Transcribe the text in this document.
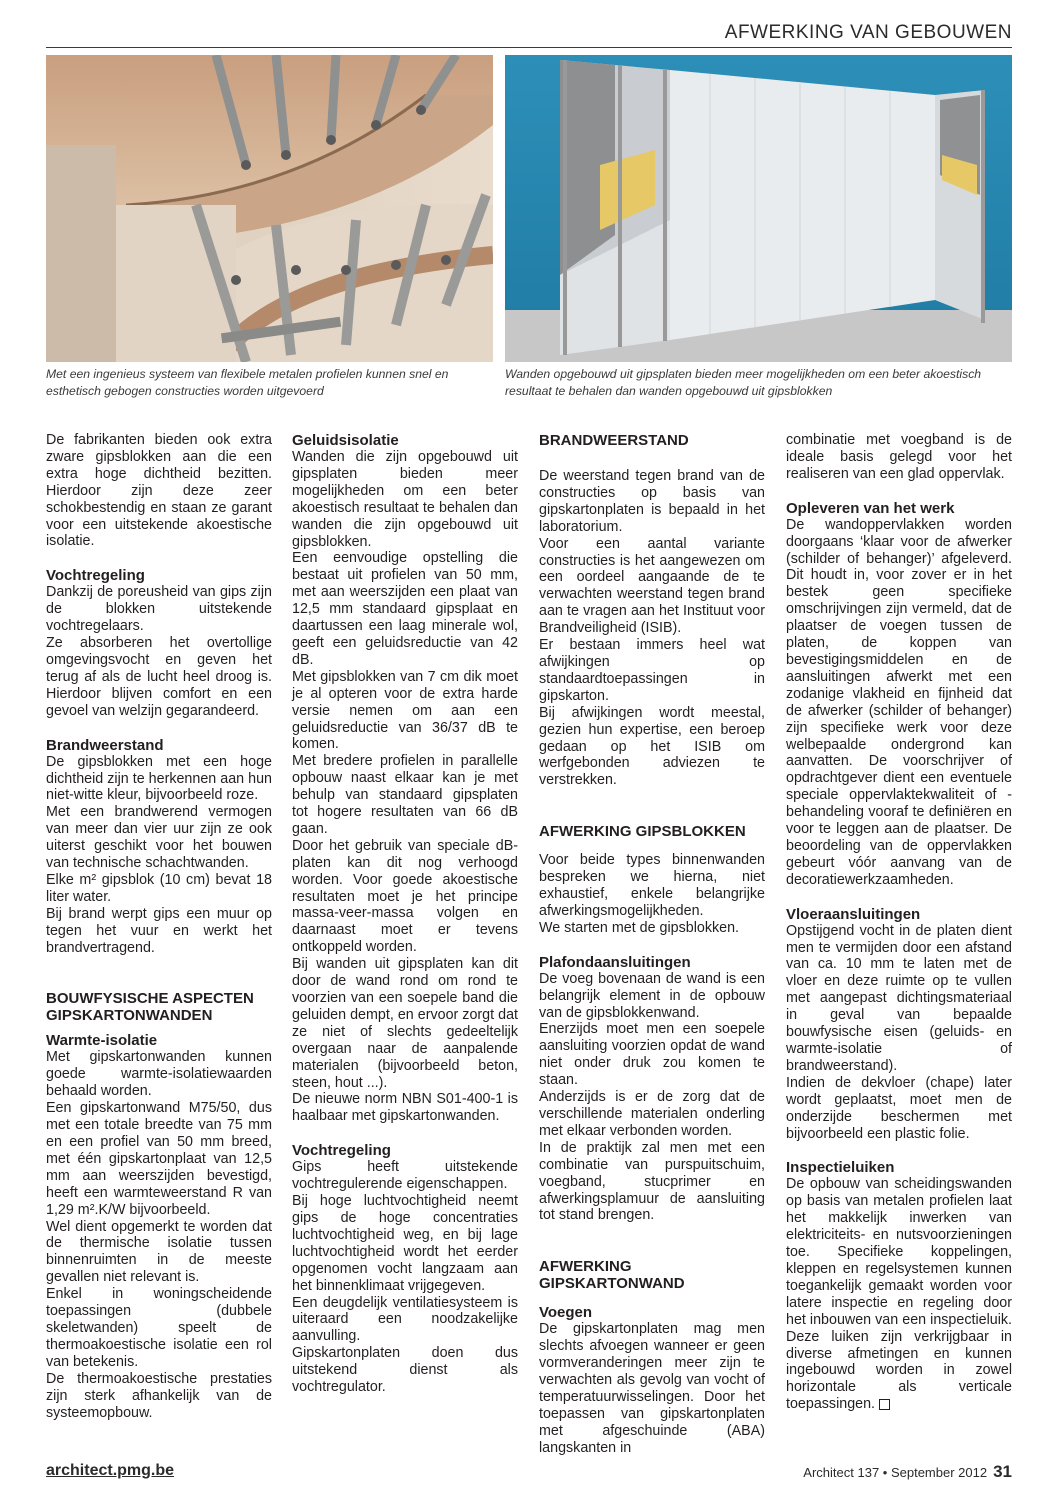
AFWERKING VAN GEBOUWEN
Met een ingenieus systeem van flexibele metalen profielen kunnen snel en esthetisch gebogen constructies worden uitgevoerd
Wanden opgebouwd uit gipsplaten bieden meer mogelijkheden om een beter akoestisch resultaat te behalen dan wanden opgebouwd uit gipsblokken

De fabrikanten bieden ook extra zware gipsblokken aan die een extra hoge dichtheid bezitten. Hierdoor zijn deze zeer schokbestendig en staan ze garant voor een uitstekende akoestische isolatie.

Vochtregeling

Dankzij de poreusheid van gips zijn de blokken uitstekende vochtregelaars.

Ze absorberen het overtollige omgevingsvocht en geven het terug af als de lucht heel droog is. Hierdoor blijven comfort en een gevoel van welzijn gegarandeerd.

Brandweerstand

De gipsblokken met een hoge dichtheid zijn te herkennen aan hun niet-witte kleur, bijvoorbeeld roze.

Met een brandwerend vermogen van meer dan vier uur zijn ze ook uiterst geschikt voor het bouwen van technische schachtwanden.

Elke m² gipsblok (10 cm) bevat 18 liter water.

Bij brand werpt gips een muur op tegen het vuur en werkt het brandvertragend.

BOUWFYSISCHE ASPECTEN GIPSKARTONWANDEN
Warmte-isolatie

Met gipskartonwanden kunnen goede warmte-isolatiewaarden behaald worden.

Een gipskartonwand M75/50, dus met een totale breedte van 75 mm en een profiel van 50 mm breed, met één gipskartonplaat van 12,5 mm aan weerszijden bevestigd, heeft een warmteweerstand R van 1,29 m².K/W bijvoorbeeld.

Wel dient opgemerkt te worden dat de thermische isolatie tussen binnenruimten in de meeste gevallen niet relevant is.

Enkel in woningscheidende toepassingen (dubbele skeletwanden) speelt de thermoakoestische isolatie een rol van betekenis.

De thermoakoestische prestaties zijn sterk afhankelijk van de systeemopbouw.

Geluidsisolatie

Wanden die zijn opgebouwd uit gipsplaten bieden meer mogelijkheden om een beter akoestisch resultaat te behalen dan wanden die zijn opgebouwd uit gipsblokken.

Een eenvoudige opstelling die bestaat uit profielen van 50 mm, met aan weerszijden een plaat van 12,5 mm standaard gipsplaat en daartussen een laag minerale wol, geeft een geluidsreductie van 42 dB.

Met gipsblokken van 7 cm dik moet je al opteren voor de extra harde versie nemen om aan een geluidsreductie van 36/37 dB te komen.

Met bredere profielen in parallelle opbouw naast elkaar kan je met behulp van standaard gipsplaten tot hogere resultaten van 66 dB gaan.

Door het gebruik van speciale dB-platen kan dit nog verhoogd worden. Voor goede akoestische resultaten moet je het principe massa-veer-massa volgen en daarnaast moet er tevens ontkoppeld worden.

Bij wanden uit gipsplaten kan dit door de wand rond om rond te voorzien van een soepele band die geluiden dempt, en ervoor zorgt dat ze niet of slechts gedeeltelijk overgaan naar de aanpalende materialen (bijvoorbeeld beton, steen, hout ...).

De nieuwe norm NBN S01-400-1 is haalbaar met gipskartonwanden.

Vochtregeling

Gips heeft uitstekende vochtregulerende eigenschappen.

Bij hoge luchtvochtigheid neemt gips de hoge concentraties luchtvochtigheid weg, en bij lage luchtvochtigheid wordt het eerder opgenomen vocht langzaam aan het binnenklimaat vrijgegeven.

Een deugdelijk ventilatiesysteem is uiteraard een noodzakelijke aanvulling.

Gipskartonplaten doen dus uitstekend dienst als vochtregulator.

BRANDWEERSTAND

De weerstand tegen brand van de constructies op basis van gipskartonplaten is bepaald in het laboratorium.

Voor een aantal variante constructies is het aangewezen om een oordeel aangaande de te verwachten weerstand tegen brand aan te vragen aan het Instituut voor Brandveiligheid (ISIB).

Er bestaan immers heel wat afwijkingen op standaardtoepassingen in gipskarton.

Bij afwijkingen wordt meestal, gezien hun expertise, een beroep gedaan op het ISIB om werfgebonden adviezen te verstrekken.

AFWERKING GIPSBLOKKEN

Voor beide types binnenwanden bespreken we hierna, niet exhaustief, enkele belangrijke afwerkingsmogelijkheden.

We starten met de gipsblokken.

Plafondaansluitingen

De voeg bovenaan de wand is een belangrijk element in de opbouw van de gipsblokkenwand.

Enerzijds moet men een soepele aansluiting voorzien opdat de wand niet onder druk zou komen te staan.

Anderzijds is er de zorg dat de verschillende materialen onderling met elkaar verbonden worden.

In de praktijk zal men met een combinatie van purspuitschuim, voegband, stucprimer en afwerkingsplamuur de aansluiting tot stand brengen.

AFWERKING GIPSKARTONWAND
Voegen

De gipskartonplaten mag men slechts afvoegen wanneer er geen vormveranderingen meer zijn te verwachten als gevolg van vocht of temperatuurwisselingen. Door het toepassen van gipskartonplaten met afgeschuinde (ABA) langskanten in

combinatie met voegband is de ideale basis gelegd voor het realiseren van een glad oppervlak.

Opleveren van het werk

De wandoppervlakken worden doorgaans ‘klaar voor de afwerker (schilder of behanger)’ afgeleverd. Dit houdt in, voor zover er in het bestek geen specifieke omschrijvingen zijn vermeld, dat de plaatser de voegen tussen de platen, de koppen van bevestigingsmiddelen en de aansluitingen afwerkt met een zodanige vlakheid en fijnheid dat de afwerker (schilder of behanger) zijn specifieke werk voor deze welbepaalde ondergrond kan aanvatten. De voorschrijver of opdrachtgever dient een eventuele speciale oppervlaktekwaliteit of -behandeling vooraf te definiëren en voor te leggen aan de plaatser. De beoordeling van de oppervlakken gebeurt vóór aanvang van de decoratiewerkzaamheden.

Vloeraansluitingen

Opstijgend vocht in de platen dient men te vermijden door een afstand van ca. 10 mm te laten met de vloer en deze ruimte op te vullen met aangepast dichtingsmateriaal in geval van bepaalde bouwfysische eisen (geluids- en warmte-isolatie of brandweerstand).

Indien de dekvloer (chape) later wordt geplaatst, moet men de onderzijde beschermen met bijvoorbeeld een plastic folie.

Inspectieluiken

De opbouw van scheidingswanden op basis van metalen profielen laat het makkelijk inwerken van elektriciteits- en nutsvoorzieningen toe. Specifieke koppelingen, kleppen en regelsystemen kunnen toegankelijk gemaakt worden voor latere inspectie en regeling door het inbouwen van een inspectieluik. Deze luiken zijn verkrijgbaar in diverse afmetingen en kunnen ingebouwd worden in zowel horizontale als verticale toepassingen.

architect.pmg.be	Architect 137 • September 2012 31
